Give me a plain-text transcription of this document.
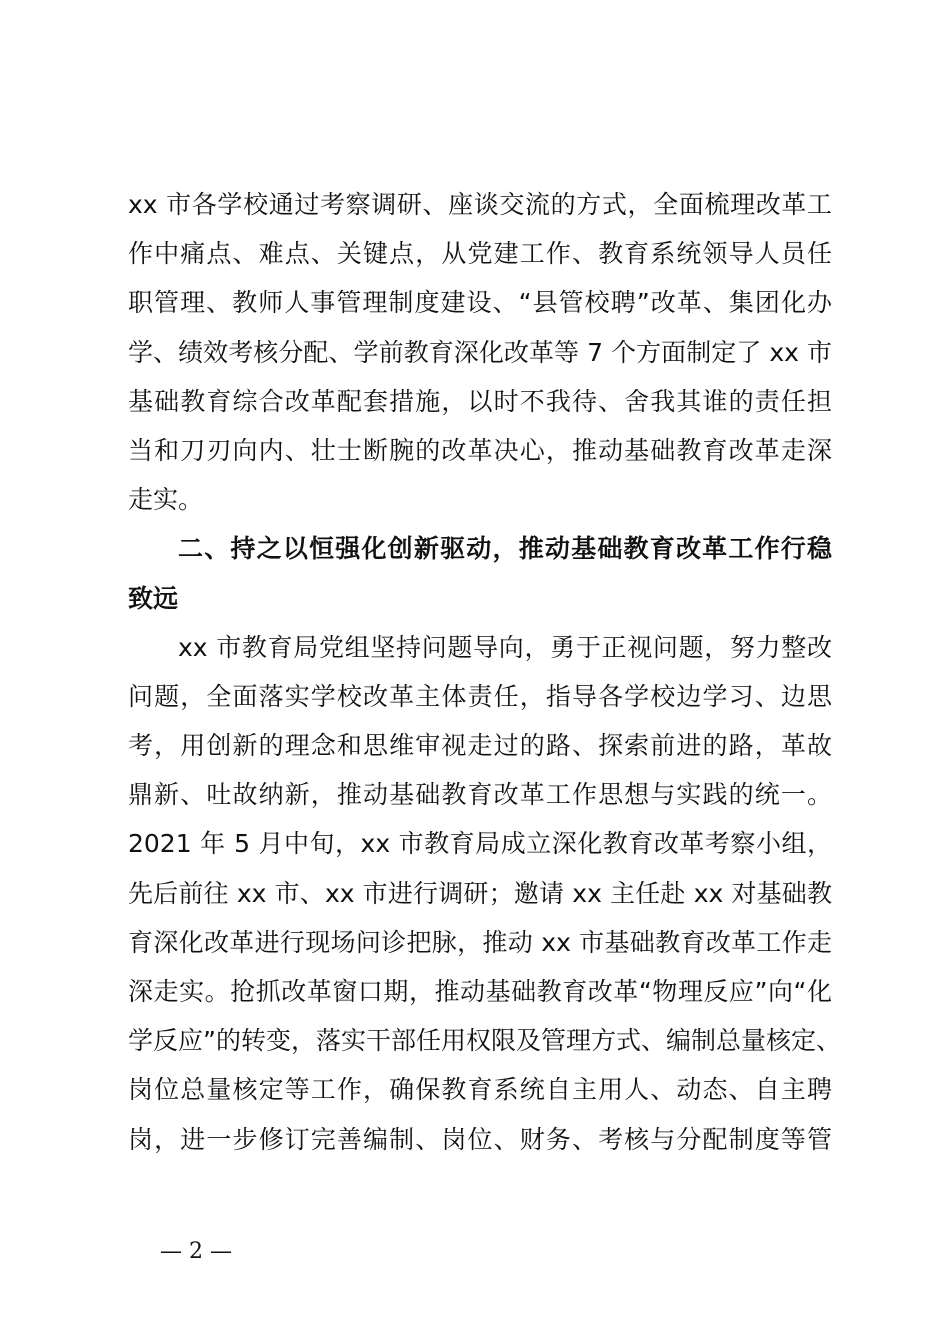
xx 市各学校通过考察调研、座谈交流的方式，全面梳理改革工
作中痛点、难点、关键点，从党建工作、教育系统领导人员任
职管理、教师人事管理制度建设、“县管校聘”改革、集团化办
学、绩效考核分配、学前教育深化改革等 7 个方面制定了 xx 市
基础教育综合改革配套措施，以时不我待、舍我其谁的责任担
当和刀刃向内、壮士断腕的改革决心，推动基础教育改革走深
走实。
二、持之以恒强化创新驱动，推动基础教育改革工作行稳
致远
xx 市教育局党组坚持问题导向，勇于正视问题，努力整改
问题，全面落实学校改革主体责任，指导各学校边学习、边思
考，用创新的理念和思维审视走过的路、探索前进的路，革故
鼎新、吐故纳新，推动基础教育改革工作思想与实践的统一。
2021 年 5 月中旬，xx 市教育局成立深化教育改革考察小组，
先后前往 xx 市、xx 市进行调研；邀请 xx 主任赴 xx 对基础教
育深化改革进行现场问诊把脉，推动 xx 市基础教育改革工作走
深走实。抢抓改革窗口期，推动基础教育改革“物理反应”向“化
学反应”的转变，落实干部任用权限及管理方式、编制总量核定、
岗位总量核定等工作，确保教育系统自主用人、动态、自主聘
岗，进一步修订完善编制、岗位、财务、考核与分配制度等管
— 2 —
